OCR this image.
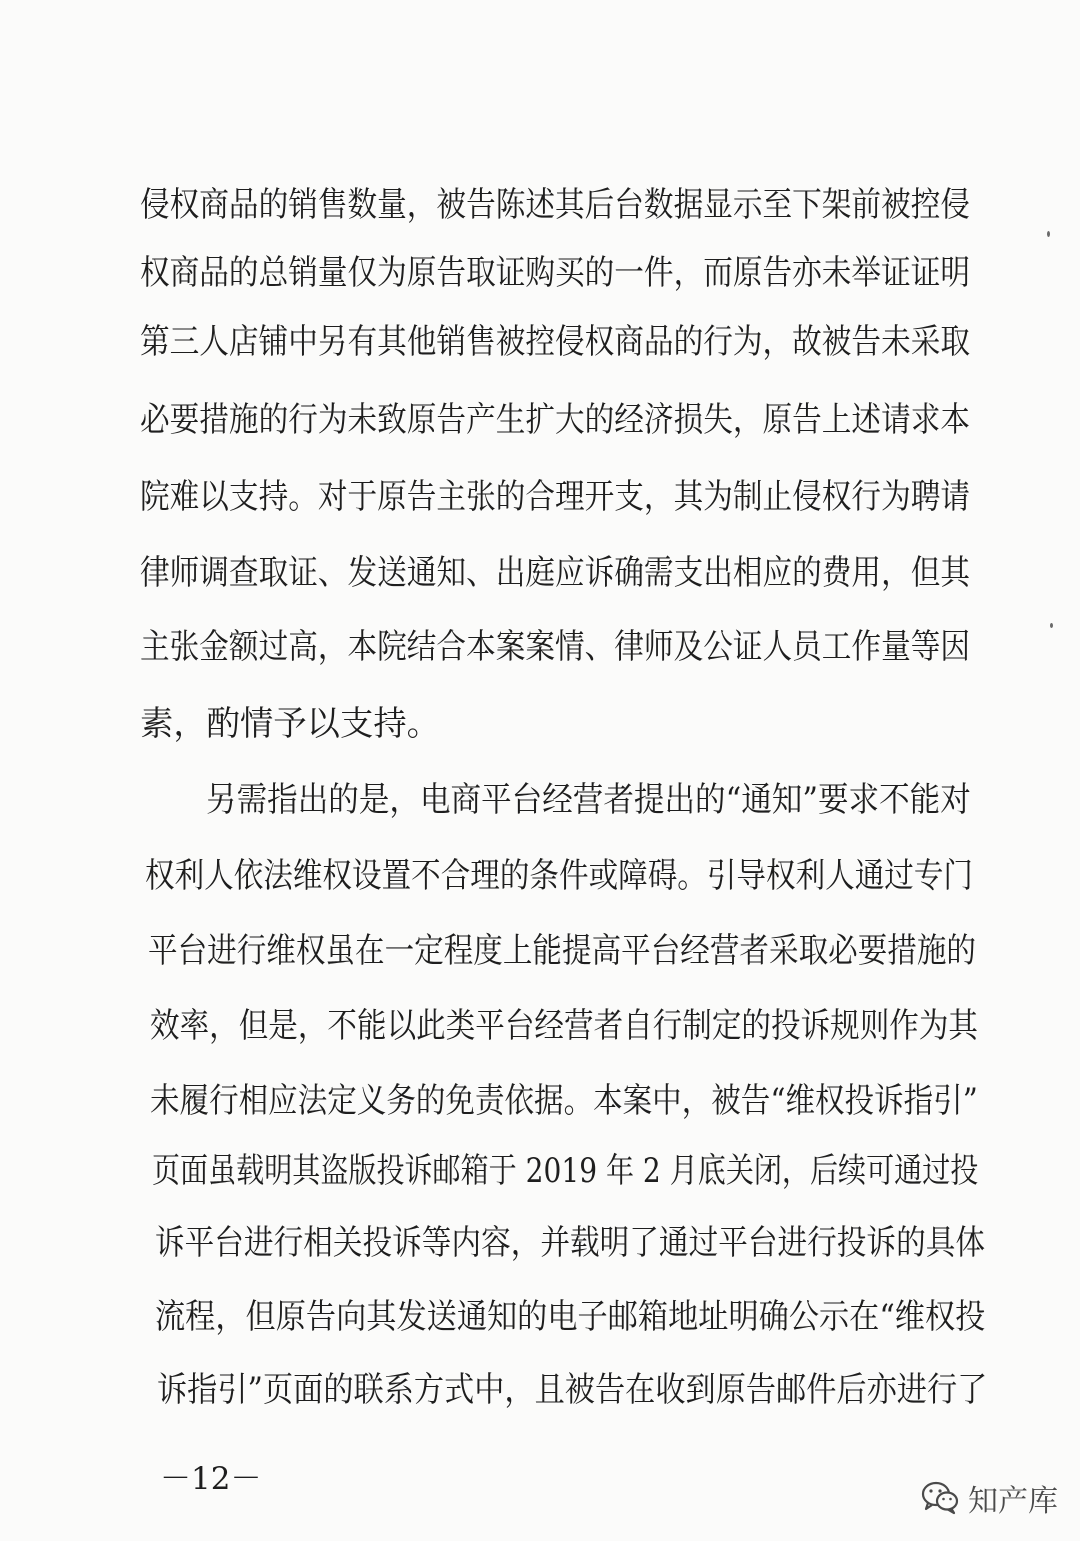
侵权商品的销售数量，被告陈述其后台数据显示至下架前被控侵
权商品的总销量仅为原告取证购买的一件，而原告亦未举证证明
第三人店铺中另有其他销售被控侵权商品的行为，故被告未采取
必要措施的行为未致原告产生扩大的经济损失，原告上述请求本
院难以支持。对于原告主张的合理开支，其为制止侵权行为聘请
律师调查取证、发送通知、出庭应诉确需支出相应的费用，但其
主张金额过高，本院结合本案案情、律师及公证人员工作量等因
素，酌情予以支持。
另需指出的是，电商平台经营者提出的“通知”要求不能对
权利人依法维权设置不合理的条件或障碍。引导权利人通过专门
平台进行维权虽在一定程度上能提高平台经营者采取必要措施的
效率，但是，不能以此类平台经营者自行制定的投诉规则作为其
未履行相应法定义务的免责依据。本案中，被告“维权投诉指引”
页面虽载明其盗版投诉邮箱于 2019 年 2 月底关闭，后续可通过投
诉平台进行相关投诉等内容，并载明了通过平台进行投诉的具体
流程，但原告向其发送通知的电子邮箱地址明确公示在“维权投
诉指引”页面的联系方式中，且被告在收到原告邮件后亦进行了
－12－
知产库
